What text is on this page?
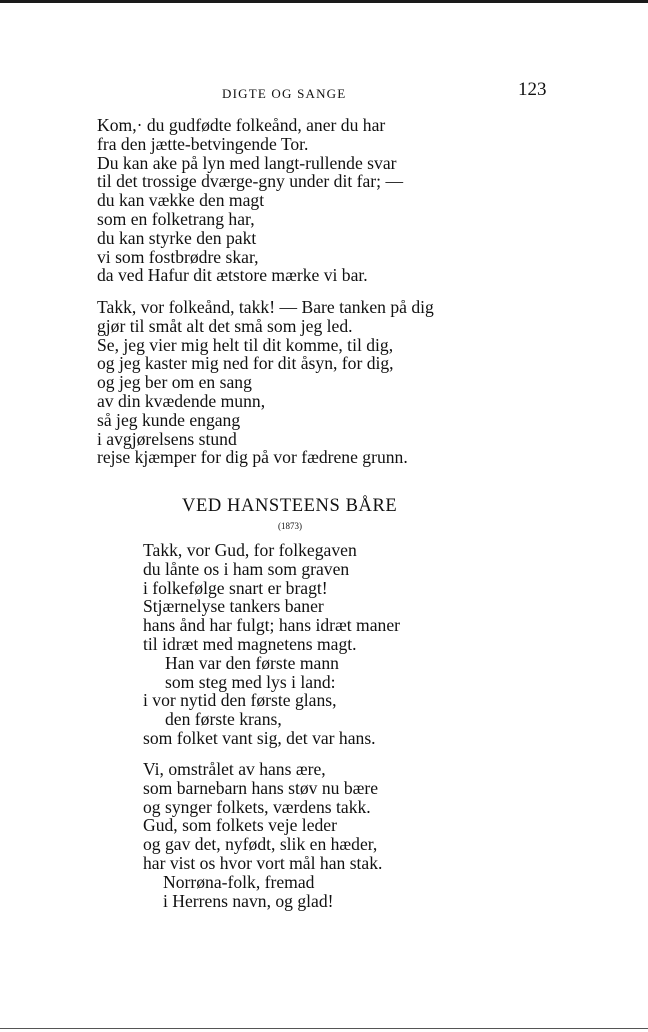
DIGTE OG SANGE	123
Kom,· du gudfødte folkeånd, aner du har
fra den jætte-betvingende Tor.
Du kan ake på lyn med langt-rullende svar
til det trossige dværge-gny under dit far; —
du kan vække den magt
som en folketrang har,
du kan styrke den pakt
vi som fostbrødre skar,
da ved Hafur dit ætstore mærke vi bar.
Takk, vor folkeånd, takk! — Bare tanken på dig
gjør til småt alt det små som jeg led.
Se, jeg vier mig helt til dit komme, til dig,
og jeg kaster mig ned for dit åsyn, for dig,
og jeg ber om en sang
av din kvædende munn,
så jeg kunde engang
i avgjørelsens stund
rejse kjæmper for dig på vor fædrene grunn.
VED HANSTEENS BÅRE
(1873)
Takk, vor Gud, for folkegaven
du lånte os i ham som graven
i folkefølge snart er bragt!
Stjærnelyse tankers baner
hans ånd har fulgt; hans idræt maner
til idræt med magnetens magt.
Han var den første mann
som steg med lys i land:
i vor nytid den første glans,
den første krans,
som folket vant sig, det var hans.
Vi, omstrålet av hans ære,
som barnebarn hans støv nu bære
og synger folkets, værdens takk.
Gud, som folkets veje leder
og gav det, nyfødt, slik en hæder,
har vist os hvor vort mål han stak.
Norrøna-folk, fremad
i Herrens navn, og glad!
